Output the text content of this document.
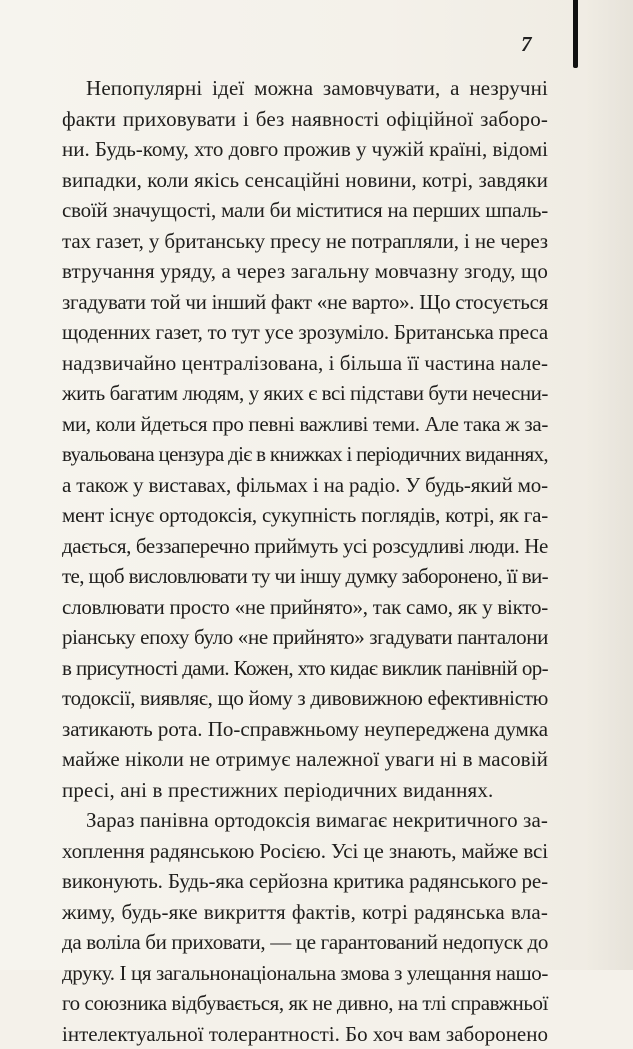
7
Непопулярні ідеї можна замовчувати, а незручні
факти приховувати і без наявності офіційної заборо-
ни. Будь-кому, хто довго прожив у чужій країні, відомі
випадки, коли якісь сенсаційні новини, котрі, завдяки
своїй значущості, мали би міститися на перших шпаль-
тах газет, у британську пресу не потрапляли, і не через
втручання уряду, а через загальну мовчазну згоду, що
згадувати той чи інший факт «не варто». Що стосується
щоденних газет, то тут усе зрозуміло. Британська преса
надзвичайно централізована, і більша її частина нале-
жить багатим людям, у яких є всі підстави бути нечесни-
ми, коли йдеться про певні важливі теми. Але така ж за-
вуальована цензура діє в книжках і періодичних виданнях,
а також у виставах, фільмах і на радіо. У будь-який мо-
мент існує ортодоксія, сукупність поглядів, котрі, як га-
дається, беззаперечно приймуть усі розсудливі люди. Не
те, щоб висловлювати ту чи іншу думку заборонено, її ви-
словлювати просто «не прийнято», так само, як у вікто-
ріанську епоху було «не прийнято» згадувати панталони
в присутності дами. Кожен, хто кидає виклик панівній ор-
тодоксії, виявляє, що йому з дивовижною ефективністю
затикають рота. По-справжньому неупереджена думка
майже ніколи не отримує належної уваги ні в масовій
пресі, ані в престижних періодичних виданнях.
Зараз панівна ортодоксія вимагає некритичного за-
хоплення радянською Росією. Усі це знають, майже всі
виконують. Будь-яка серйозна критика радянського ре-
жиму, будь-яке викриття фактів, котрі радянська вла-
да воліла би приховати, — це гарантований недопуск до
друку. І ця загальнонаціональна змова з улещання нашо-
го союзника відбувається, як не дивно, на тлі справжньої
інтелектуальної толерантності. Бо хоч вам заборонено
